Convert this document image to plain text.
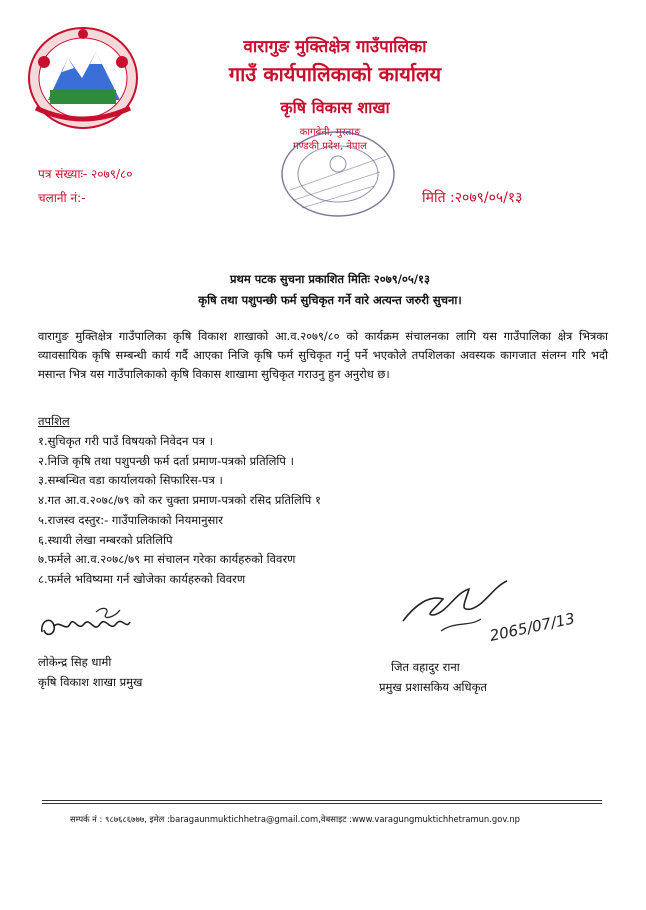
वारागुङ मुक्तिक्षेत्र गाउँपालिका
गाउँ कार्यपालिकाको कार्यालय
कृषि विकास शाखा
कागबेनी, मुस्ताङ
गण्डकी प्रदेश, नेपाल
पत्र संख्याः- २०७९/८०
चलानी नं:-	मिति :२०७९/०५/१३
प्रथम पटक सुचना प्रकाशित मितिः २०७९/०५/१३
कृषि तथा पशुपन्छी फर्म सुचिकृत गर्ने वारे अत्यन्त जरुरी सुचना।
वारागुङ मुक्तिक्षेत्र गाउँपालिका कृषि विकाश शाखाको आ.व.२०७९/८० को कार्यक्रम संचालनका लागि यस गाउँपालिका क्षेत्र भित्रका व्यावसायिक कृषि सम्बन्धी कार्य गर्दै आएका निजि कृषि फर्म सुचिकृत गर्नु पर्ने भएकोले तपशिलका अवस्यक कागजात संलग्न गरि भदौ मसान्त भित्र यस गाउँपालिकाको कृषि विकास शाखामा सुचिकृत गराउनु हुन अनुरोध छ।
तपशिल
१.सुचिकृत गरी पाउँ विषयको निवेदन पत्र ।
२.निजि कृषि तथा पशुपन्छी फर्म दर्ता प्रमाण-पत्रको प्रतिलिपि ।
३.सम्बन्धित वडा कार्यालयको सिफारिस-पत्र ।
४.गत आ.व.२०७८/७९ को कर चुक्ता प्रमाण-पत्रको रसिद प्रतिलिपि १
५.राजस्व दस्तुर:- गाउँपालिकाको नियमानुसार
६.स्थायी लेखा नम्बरको प्रतिलिपि
७.फर्मले आ.व.२०७८/७९ मा संचालन गरेका कार्यहरुको विवरण
८.फर्मले भविष्यमा गर्न खोजेका कार्यहरुको विवरण
2065/07/13
लोकेन्द्र सिह धामी
कृषि विकाश शाखा प्रमुख
जित वहादुर राना
प्रमुख प्रशासकिय अधिकृत
सम्पर्क नं : ९८७६८६७७७, इमेल :baragaunmuktichhetra@gmail.com,वेबसाइट :www.varagungmuktichhetramun.gov.np
